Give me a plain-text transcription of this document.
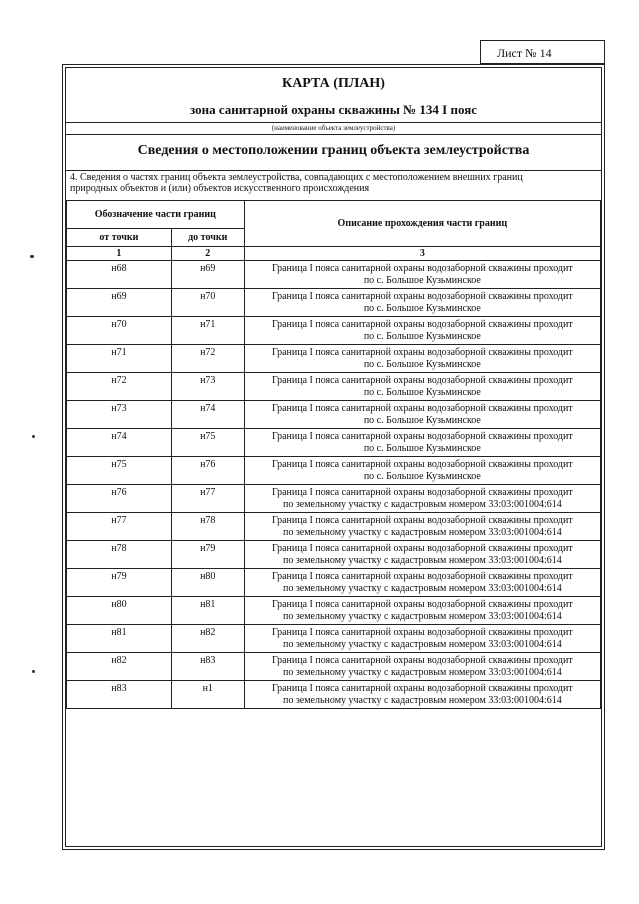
Лист № 14
КАРТА (ПЛАН)
зона санитарной охраны скважины № 134 I пояс
(наименование объекта землеустройства)
Сведения о местоположении границ объекта землеустройства
4. Сведения о частях границ объекта землеустройства, совпадающих с местоположением внешних границ природных объектов и (или) объектов искусственного происхождения
Обозначение части границ		Описание прохождения части границ
от точки	до точки	
1	2	3
н68	н69	Граница I пояса санитарной охраны водозаборной скважины проходит
по с. Большое Кузьминское

н69	н70	Граница I пояса санитарной охраны водозаборной скважины проходит
по с. Большое Кузьминское

н70	н71	Граница I пояса санитарной охраны водозаборной скважины проходит
по с. Большое Кузьминское

н71	н72	Граница I пояса санитарной охраны водозаборной скважины проходит
по с. Большое Кузьминское

н72	н73	Граница I пояса санитарной охраны водозаборной скважины проходит
по с. Большое Кузьминское

н73	н74	Граница I пояса санитарной охраны водозаборной скважины проходит
по с. Большое Кузьминское

н74	н75	Граница I пояса санитарной охраны водозаборной скважины проходит
по с. Большое Кузьминское

н75	н76	Граница I пояса санитарной охраны водозаборной скважины проходит
по с. Большое Кузьминское

н76	н77	Граница I пояса санитарной охраны водозаборной скважины проходит
по земельному участку с кадастровым номером 33:03:001004:614

н77	н78	Граница I пояса санитарной охраны водозаборной скважины проходит
по земельному участку с кадастровым номером 33:03:001004:614

н78	н79	Граница I пояса санитарной охраны водозаборной скважины проходит
по земельному участку с кадастровым номером 33:03:001004:614

н79	н80	Граница I пояса санитарной охраны водозаборной скважины проходит
по земельному участку с кадастровым номером 33:03:001004:614

н80	н81	Граница I пояса санитарной охраны водозаборной скважины проходит
по земельному участку с кадастровым номером 33:03:001004:614

н81	н82	Граница I пояса санитарной охраны водозаборной скважины проходит
по земельному участку с кадастровым номером 33:03:001004:614

н82	н83	Граница I пояса санитарной охраны водозаборной скважины проходит
по земельному участку с кадастровым номером 33:03:001004:614

н83	н1	Граница I пояса санитарной охраны водозаборной скважины проходит
по земельному участку с кадастровым номером 33:03:001004:614
